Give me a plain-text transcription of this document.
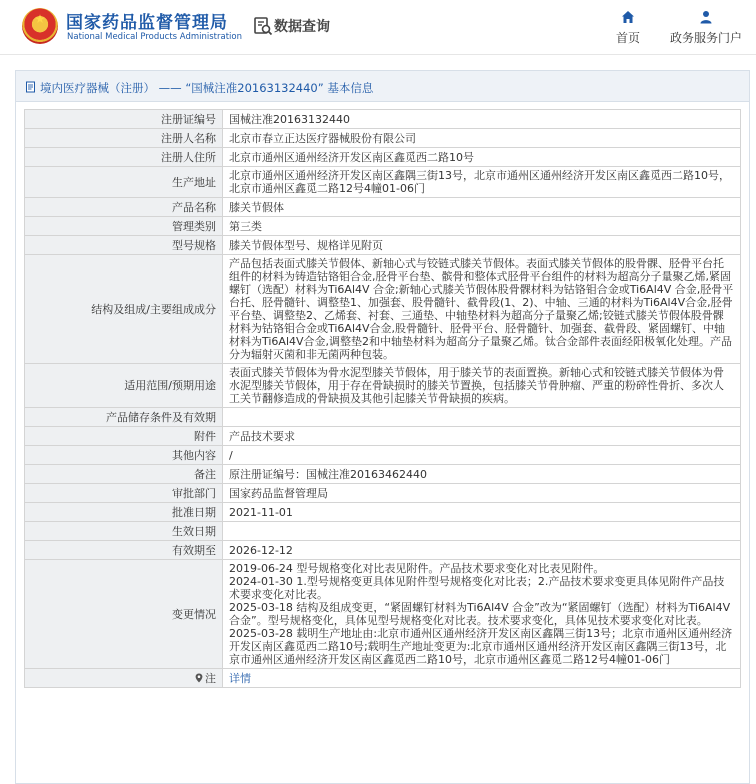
★	国家药品监督管理局
National Medical Products Administration
数据查询
首页	政务服务门户
境内医疗器械（注册） —— “国械注准20163132440” 基本信息
注册证编号	国械注准20163132440
注册人名称	北京市春立正达医疗器械股份有限公司
注册人住所	北京市通州区通州经济开发区南区鑫觅西二路10号
生产地址	北京市通州区通州经济开发区南区鑫隅三街13号，北京市通州区通州经济开发区南区鑫觅西二路10号，北京市通州区鑫觅二路12号4幢01-06门
产品名称	膝关节假体
管理类别	第三类
型号规格	膝关节假体型号、规格详见附页
结构及组成/主要组成成分	产品包括表面式膝关节假体、新轴心式与铰链式膝关节假体。表面式膝关节假体的股骨髁、胫骨平台托组件的材料为铸造钴铬钼合金,胫骨平台垫、髌骨和整体式胫骨平台组件的材料为超高分子量聚乙烯,紧固螺钉（选配）材料为Ti6Al4V 合金;新轴心式膝关节假体股骨髁材料为钴铬钼合金或Ti6Al4V 合金,胫骨平台托、胫骨髓针、调整垫1、加强套、股骨髓针、截骨段(1、2)、中轴、三通的材料为Ti6Al4V合金,胫骨平台垫、调整垫2、乙烯套、衬套、三通垫、中轴垫材料为超高分子量聚乙烯;铰链式膝关节假体股骨髁材料为钴铬钼合金或Ti6Al4V合金,股骨髓针、胫骨平台、胫骨髓针、加强套、截骨段、紧固螺钉、中轴材料为Ti6Al4V合金,调整垫2和中轴垫材料为超高分子量聚乙烯。钛合金部件表面经阳极氧化处理。产品分为辐射灭菌和非无菌两种包装。
适用范围/预期用途	表面式膝关节假体为骨水泥型膝关节假体，用于膝关节的表面置换。新轴心式和铰链式膝关节假体为骨水泥型膝关节假体，用于存在骨缺损时的膝关节置换，包括膝关节骨肿瘤、严重的粉碎性骨折、多次人工关节翻修造成的骨缺损及其他引起膝关节骨缺损的疾病。
产品储存条件及有效期	
附件	产品技术要求
其他内容	/
备注	原注册证编号：国械注准20163462440
审批部门	国家药品监督管理局
批准日期	2021-11-01
生效日期	
有效期至	2026-12-12
变更情况	2019-06-24 型号规格变化对比表见附件。产品技术要求变化对比表见附件。
2024-01-30 1.型号规格变更具体见附件型号规格变化对比表；2.产品技术要求变更具体见附件产品技术要求变化对比表。
2025-03-18 结构及组成变更，“紧固螺钉材料为Ti6Al4V 合金”改为“紧固螺钉（选配）材料为Ti6Al4V 合金”。型号规格变化，具体见型号规格变化对比表。技术要求变化，具体见技术要求变化对比表。
2025-03-28 载明生产地址由:北京市通州区通州经济开发区南区鑫隅三街13号；北京市通州区通州经济开发区南区鑫觅西二路10号;载明生产地址变更为:北京市通州区通州经济开发区南区鑫隅三街13号，北京市通州区通州经济开发区南区鑫觅西二路10号，北京市通州区鑫觅二路12号4幢01-06门

注	详情
